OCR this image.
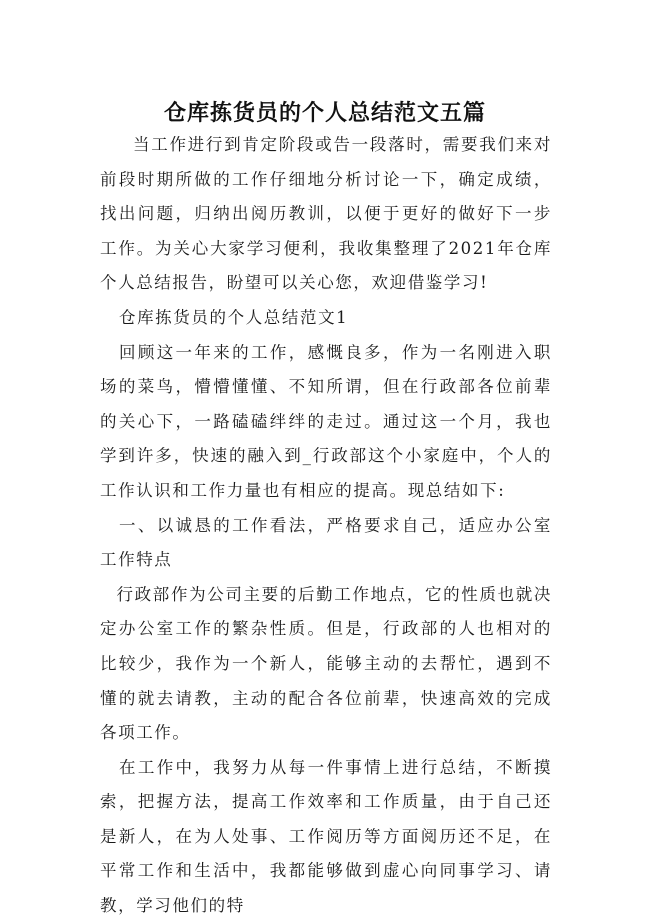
仓库拣货员的个人总结范文五篇

当工作进行到肯定阶段或告一段落时，需要我们来对前段时期所做的工作仔细地分析讨论一下，确定成绩，找出问题，归纳出阅历教训，以便于更好的做好下一步工作。为关心大家学习便利，我收集整理了2021年仓库个人总结报告，盼望可以关心您，欢迎借鉴学习!

仓库拣货员的个人总结范文1

回顾这一年来的工作，感慨良多，作为一名刚进入职场的菜鸟，懵懵懂懂、不知所谓，但在行政部各位前辈的关心下，一路磕磕绊绊的走过。通过这一个月，我也学到许多，快速的融入到_行政部这个小家庭中，个人的工作认识和工作力量也有相应的提高。现总结如下:

一、以诚恳的工作看法，严格要求自己，适应办公室工作特点

行政部作为公司主要的后勤工作地点，它的性质也就决定办公室工作的繁杂性质。但是，行政部的人也相对的比较少，我作为一个新人，能够主动的去帮忙，遇到不懂的就去请教，主动的配合各位前辈，快速高效的完成各项工作。

在工作中，我努力从每一件事情上进行总结，不断摸索，把握方法，提高工作效率和工作质量，由于自己还是新人，在为人处事、工作阅历等方面阅历还不足，在平常工作和生活中，我都能够做到虚心向同事学习、请教，学习他们的特
